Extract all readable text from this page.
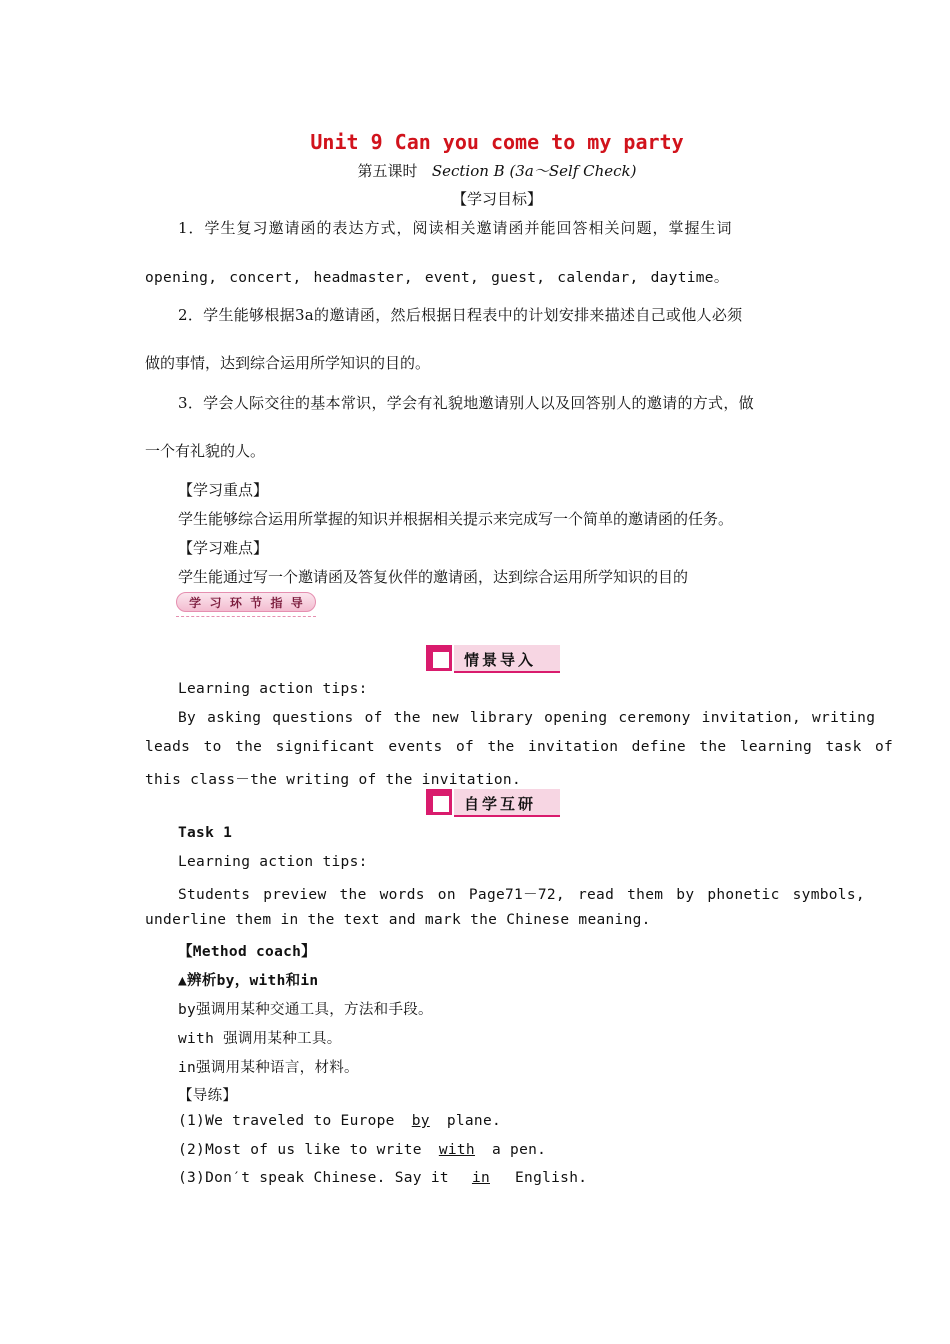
Unit 9 Can you come to my party
第五课时 Section B (3a～Self Check)
【学习目标】
1．学生复习邀请函的表达方式，阅读相关邀请函并能回答相关问题，掌握生词
opening, concert, headmaster, event, guest, calendar, daytime。
2．学生能够根据3a的邀请函，然后根据日程表中的计划安排来描述自己或他人必须
做的事情，达到综合运用所学知识的目的。
3．学会人际交往的基本常识，学会有礼貌地邀请别人以及回答别人的邀请的方式，做
一个有礼貌的人。
【学习重点】
学生能够综合运用所掌握的知识并根据相关提示来完成写一个简单的邀请函的任务。
【学习难点】
学生能通过写一个邀请函及答复伙伴的邀请函，达到综合运用所学知识的目的
学 习 环 节 指 导
情景导入
Learning action tips:
By asking questions of the new library opening ceremony invitation, writing
leads to the significant events of the invitation define the learning task of
this class－the writing of the invitation.
自学互研
Task 1
Learning action tips:
Students preview the words on Page71－72, read them by phonetic symbols,
underline them in the text and mark the Chinese meaning.
【Method coach】
▲辨析by，with和in
by强调用某种交通工具，方法和手段。
with 强调用某种工具。
in强调用某种语言，材料。
【导练】
(1)We traveled to Europe by plane.
(2)Most of us like to write with a pen.
(3)Don′t speak Chinese. Say it in English.
